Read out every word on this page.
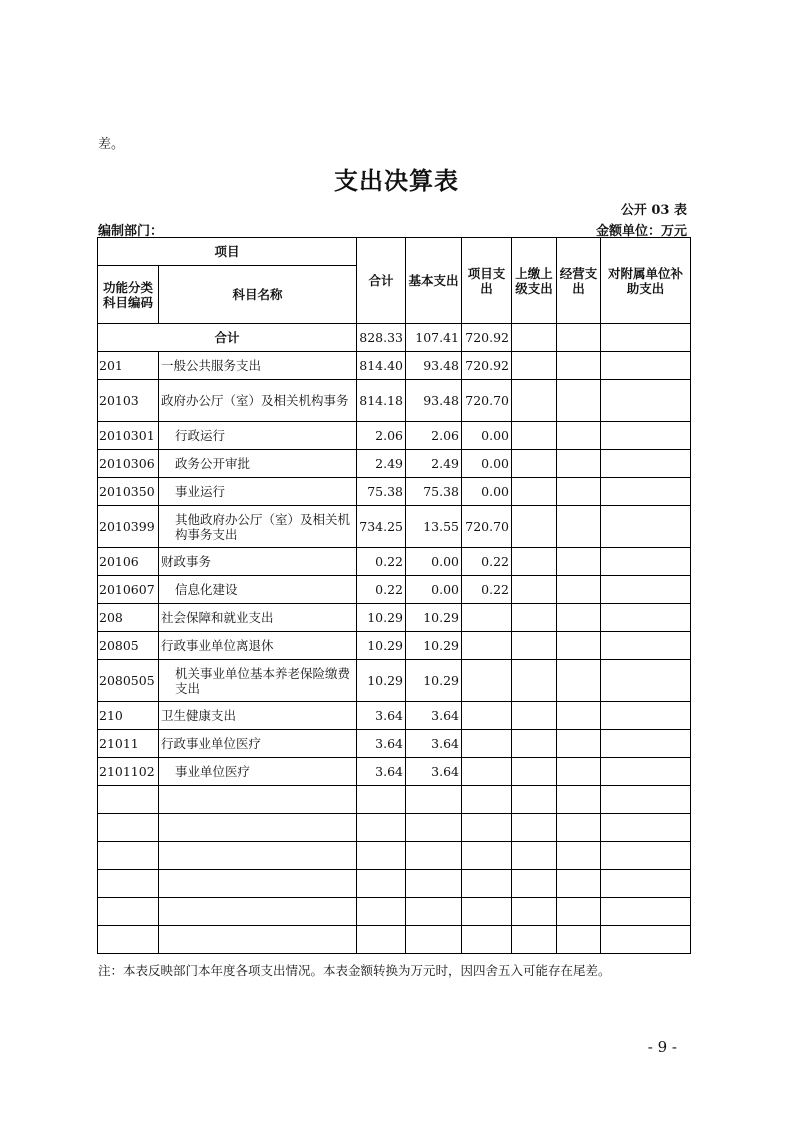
差。
支出决算表
公开 03 表
编制部门：	金额单位：万元
项目		合计	基本支出	项目支出	上缴上级支出	经营支出	对附属单位补助支出
功能分类科目编码	科目名称						
合计		828.33	107.41	720.92			
201	一般公共服务支出	814.40	93.48	720.92			
20103	政府办公厅（室）及相关机构事务	814.18	93.48	720.70			
2010301	行政运行	2.06	2.06	0.00			
2010306	政务公开审批	2.49	2.49	0.00			
2010350	事业运行	75.38	75.38	0.00			
2010399	其他政府办公厅（室）及相关机构事务支出	734.25	13.55	720.70			
20106	财政事务	0.22	0.00	0.22			
2010607	信息化建设	0.22	0.00	0.22			
208	社会保障和就业支出	10.29	10.29				
20805	行政事业单位离退休	10.29	10.29				
2080505	机关事业单位基本养老保险缴费支出	10.29	10.29				
210	卫生健康支出	3.64	3.64				
21011	行政事业单位医疗	3.64	3.64				
2101102	事业单位医疗	3.64	3.64				

注：本表反映部门本年度各项支出情况。本表金额转换为万元时，因四舍五入可能存在尾差。
- 9 -
